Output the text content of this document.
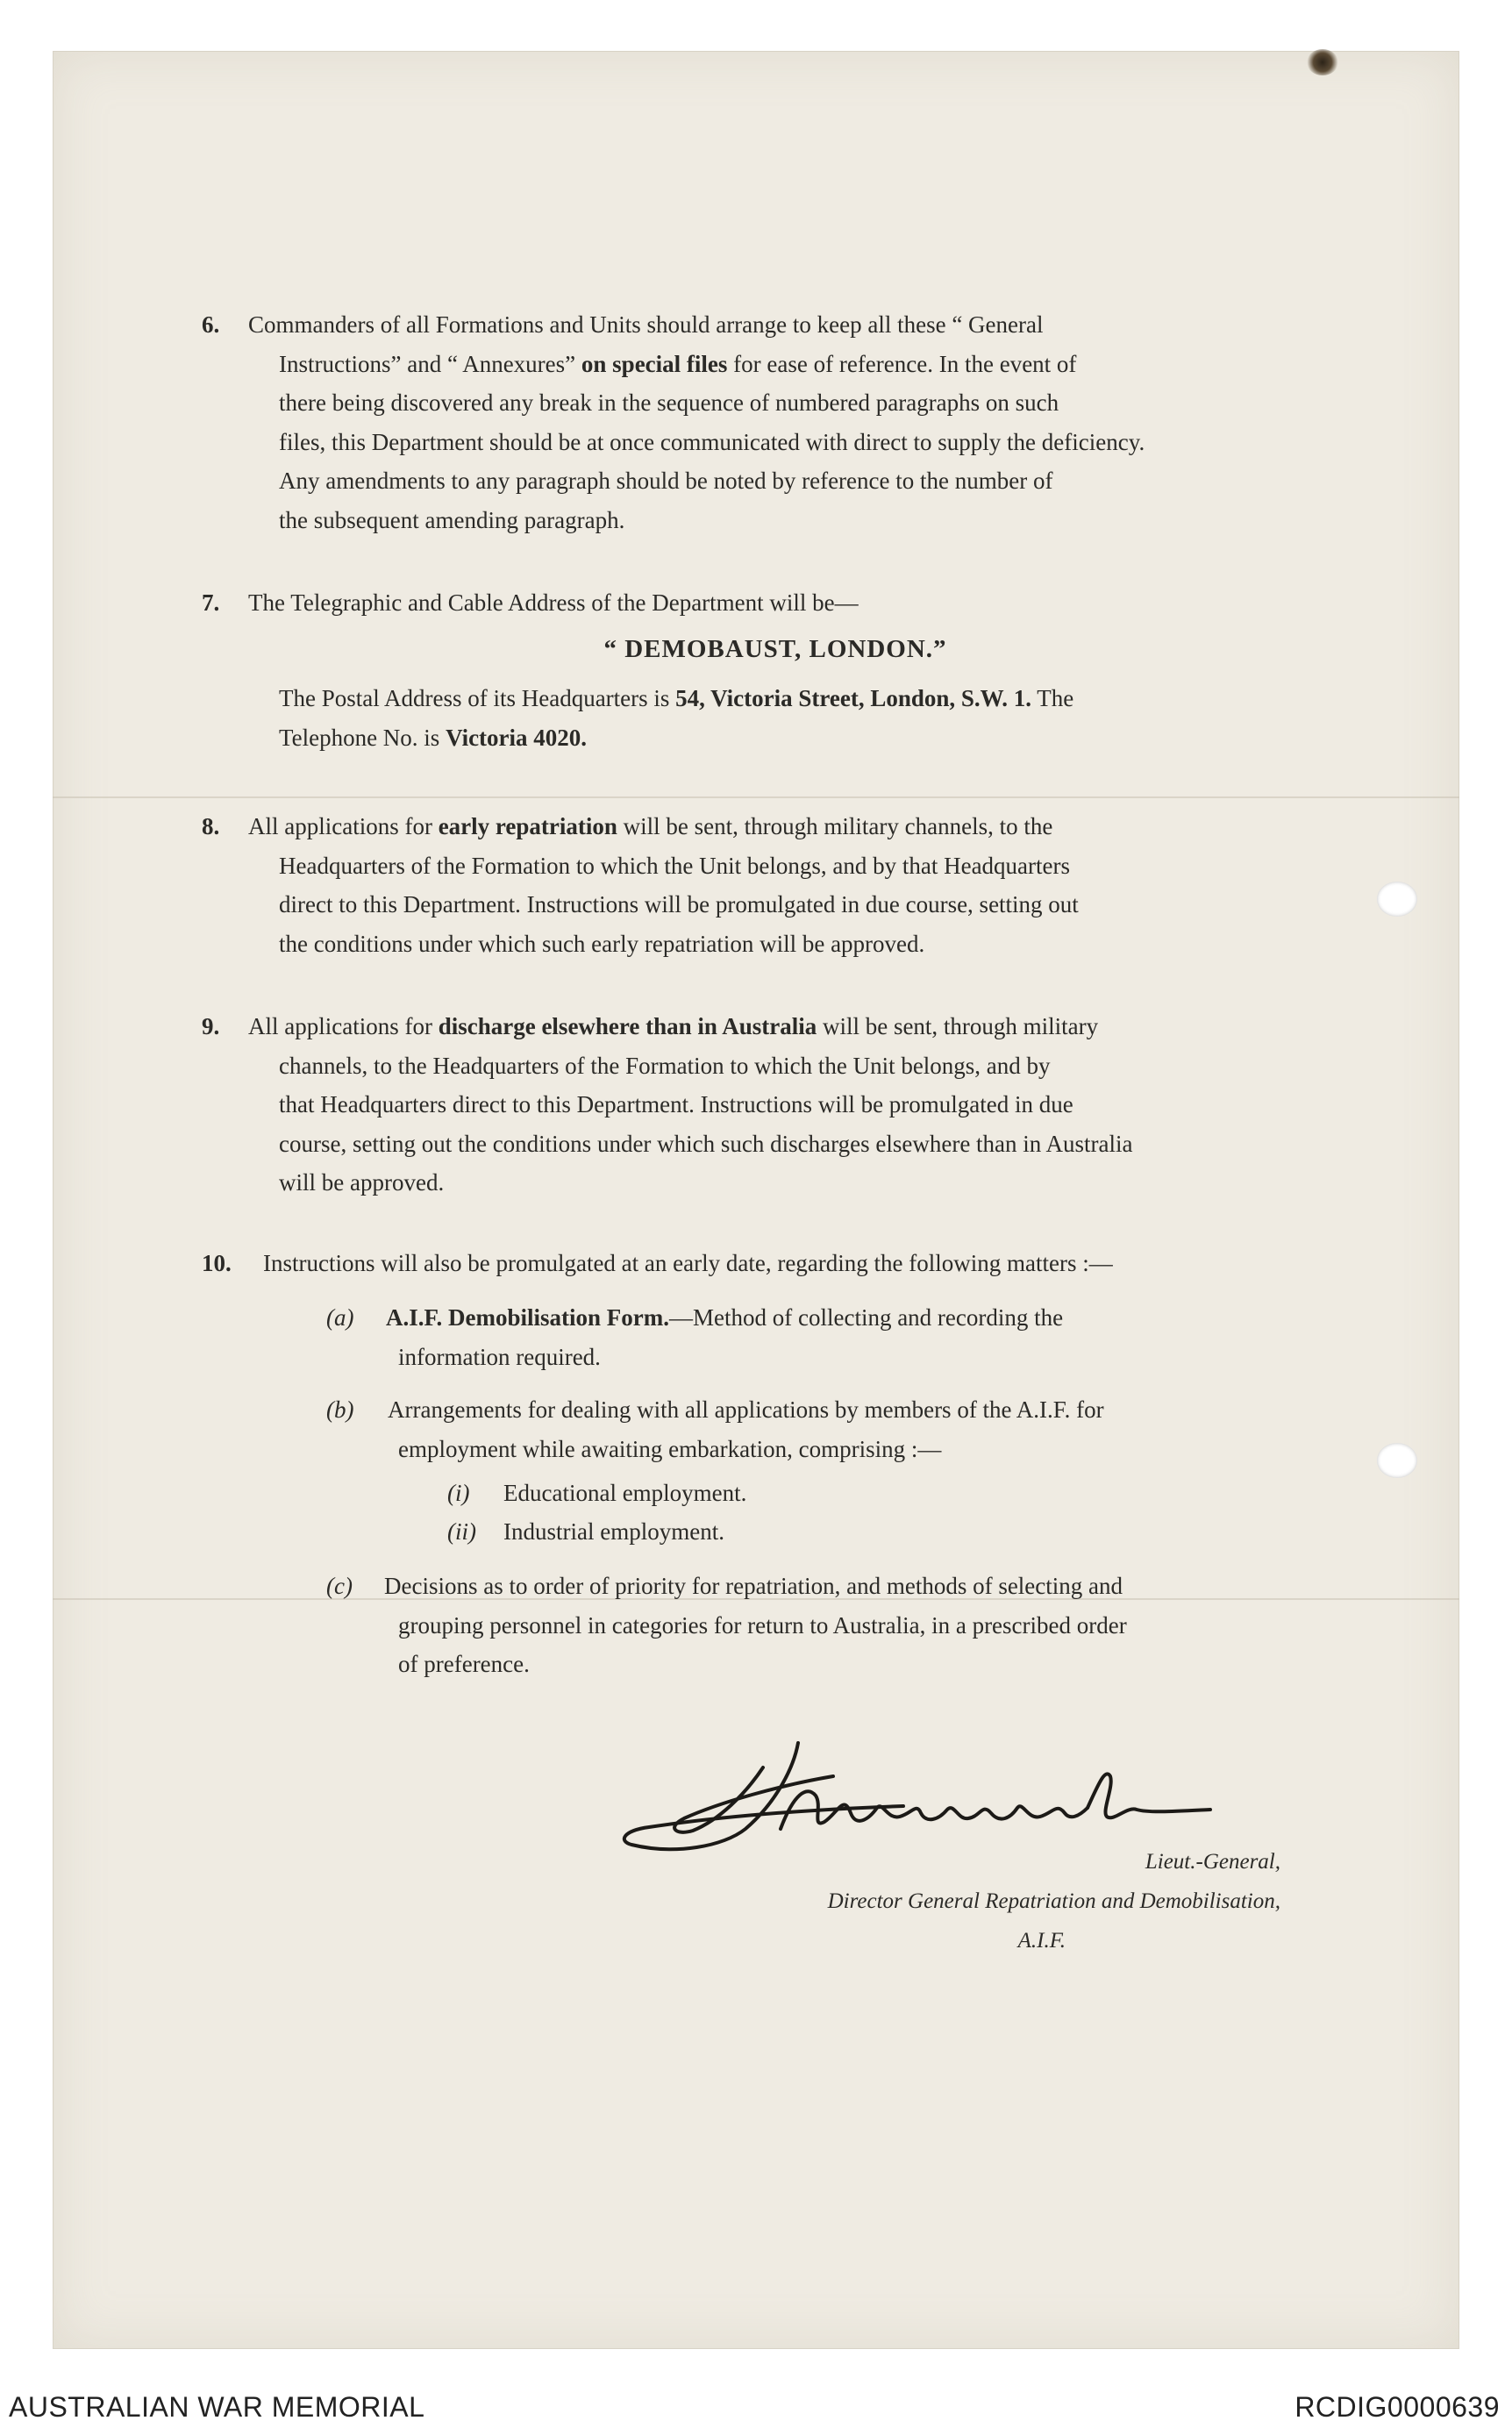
6. Commanders of all Formations and Units should arrange to keep all these “ General
Instructions” and “ Annexures” on special files for ease of reference. In the event of
there being discovered any break in the sequence of numbered paragraphs on such
files, this Department should be at once communicated with direct to supply the deficiency.
Any amendments to any paragraph should be noted by reference to the number of
the subsequent amending paragraph.
7. The Telegraphic and Cable Address of the Department will be—
“ DEMOBAUST, LONDON.”
The Postal Address of its Headquarters is 54, Victoria Street, London, S.W. 1. The
Telephone No. is Victoria 4020.
8. All applications for early repatriation will be sent, through military channels, to the
Headquarters of the Formation to which the Unit belongs, and by that Headquarters
direct to this Department. Instructions will be promulgated in due course, setting out
the conditions under which such early repatriation will be approved.
9. All applications for discharge elsewhere than in Australia will be sent, through military
channels, to the Headquarters of the Formation to which the Unit belongs, and by
that Headquarters direct to this Department. Instructions will be promulgated in due
course, setting out the conditions under which such discharges elsewhere than in Australia
will be approved.
10. Instructions will also be promulgated at an early date, regarding the following matters :—
(a) A.I.F. Demobilisation Form.—Method of collecting and recording the
information required.
(b) Arrangements for dealing with all applications by members of the A.I.F. for
employment while awaiting embarkation, comprising :—
(i) Educational employment.
(ii) Industrial employment.
(c) Decisions as to order of priority for repatriation, and methods of selecting and
grouping personnel in categories for return to Australia, in a prescribed order
of preference.
Lieut.-General,
Director General Repatriation and Demobilisation,
A.I.F.
AUSTRALIAN WAR MEMORIAL	RCDIG0000639
